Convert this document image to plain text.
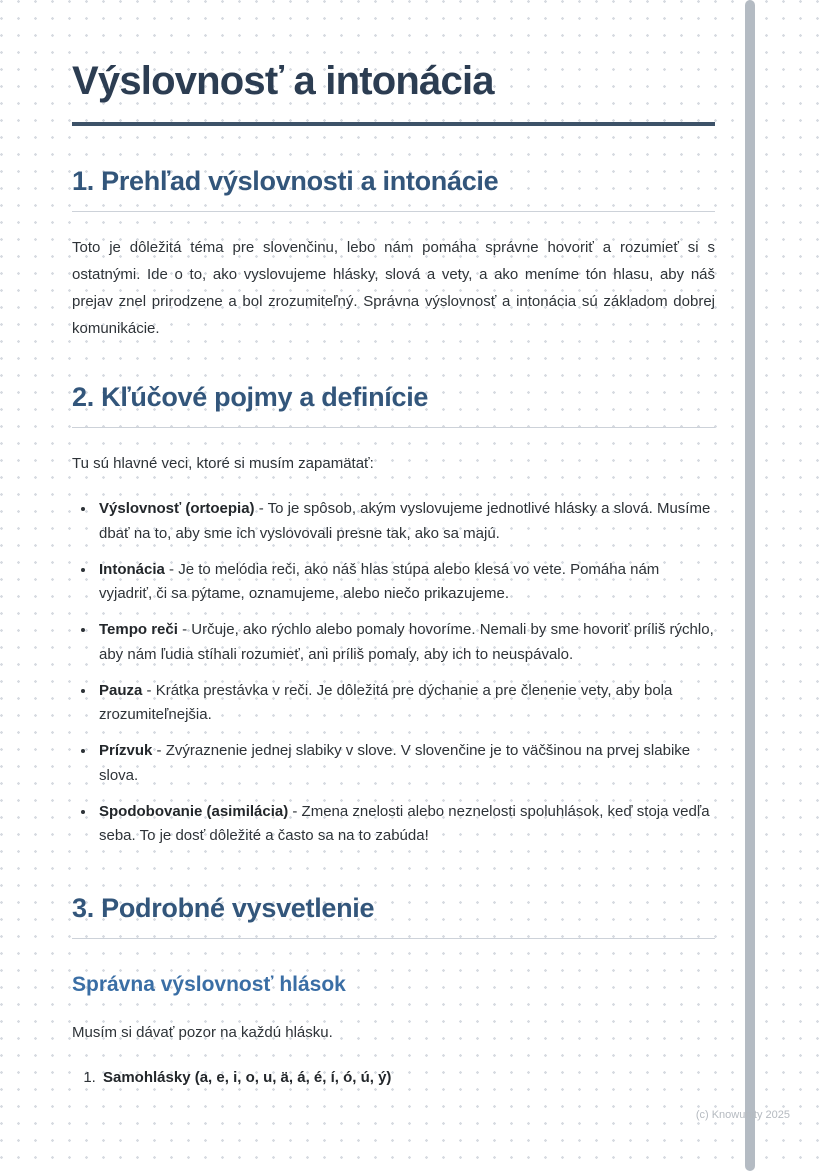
Výslovnosť a intonácia
1. Prehľad výslovnosti a intonácie

Toto je dôležitá téma pre slovenčinu, lebo nám pomáha správne hovoriť a rozumieť si s ostatnými. Ide o to, ako vyslovujeme hlásky, slová a vety, a ako meníme tón hlasu, aby náš prejav znel prirodzene a bol zrozumiteľný. Správna výslovnosť a intonácia sú základom dobrej komunikácie.

2. Kľúčové pojmy a definície

Tu sú hlavné veci, ktoré si musím zapamätať:

• Výslovnosť (ortoepia) - To je spôsob, akým vyslovujeme jednotlivé hlásky a slová. Musíme dbať na to, aby sme ich vyslovovali presne tak, ako sa majú.
• Intonácia - Je to melódia reči, ako náš hlas stúpa alebo klesá vo vete. Pomáha nám vyjadriť, či sa pýtame, oznamujeme, alebo niečo prikazujeme.
• Tempo reči - Určuje, ako rýchlo alebo pomaly hovoríme. Nemali by sme hovoriť príliš rýchlo, aby nám ľudia stíhali rozumieť, ani príliš pomaly, aby ich to neuspávalo.
• Pauza - Krátka prestávka v reči. Je dôležitá pre dýchanie a pre členenie vety, aby bola zrozumiteľnejšia.
• Prízvuk - Zvýraznenie jednej slabiky v slove. V slovenčine je to väčšinou na prvej slabike slova.
• Spodobovanie (asimilácia) - Zmena znelosti alebo neznelosti spoluhlások, keď stoja vedľa seba. To je dosť dôležité a často sa na to zabúda!
3. Podrobné vysvetlenie
Správna výslovnosť hlások

Musím si dávať pozor na každú hlásku.

1. Samohlásky (a, e, i, o, u, ä, á, é, í, ó, ú, ý)
(c) Knowunity 2025
